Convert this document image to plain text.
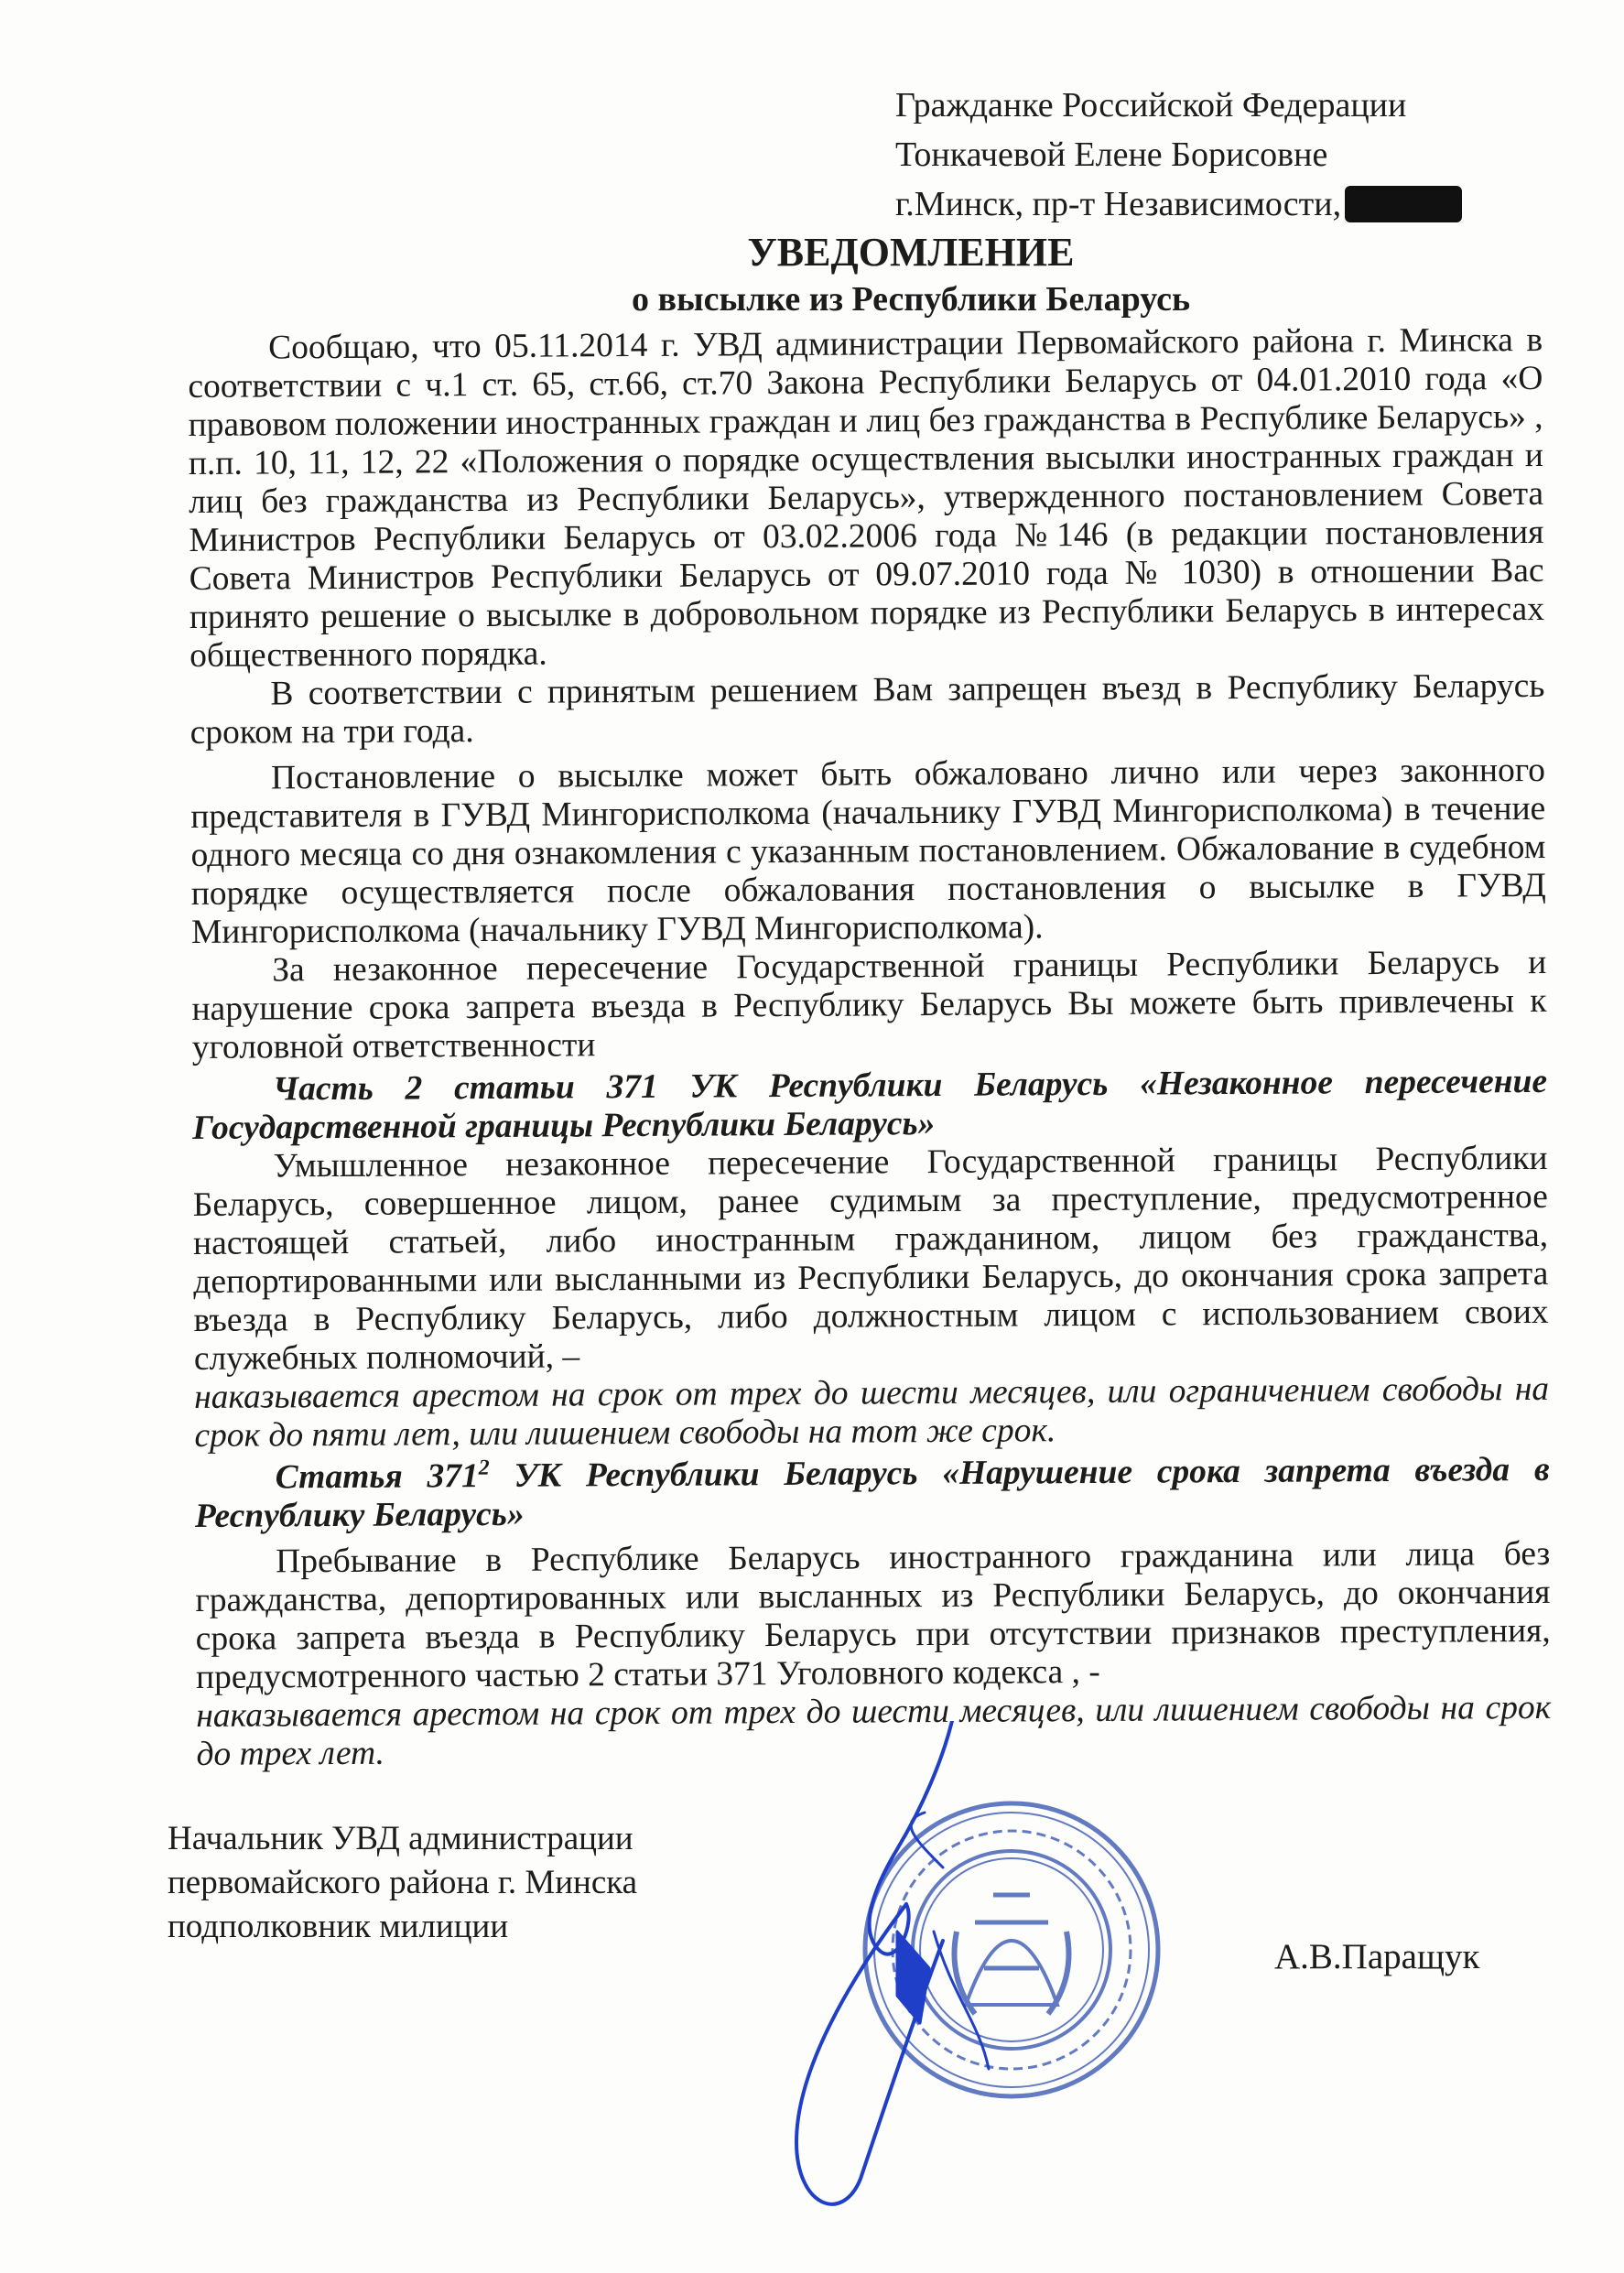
Гражданке Российской Федерации
Тонкачевой Елене Борисовне
г.Минск, пр-т Независимости,
УВЕДОМЛЕНИЕ
о высылке из Республики Беларусь

Сообщаю, что 05.11.2014 г. УВД администрации Первомайского района г. Минска в соответствии с ч.1 ст. 65, ст.66, ст.70 Закона Республики Беларусь от 04.01.2010 года «О правовом положении иностранных граждан и лиц без гражданства в Республике Беларусь» , п.п. 10, 11, 12, 22 «Положения о порядке осуществления высылки иностранных граждан и лиц без гражданства из Республики Беларусь», утвержденного постановлением Совета Министров Республики Беларусь от 03.02.2006 года №146 (в редакции постановления Совета Министров Республики Беларусь от 09.07.2010 года № 1030) в отношении Вас принято решение о высылке в добровольном порядке из Республики Беларусь в интересах общественного порядка.

В соответствии с принятым решением Вам запрещен въезд в Республику Беларусь сроком на три года.

Постановление о высылке может быть обжаловано лично или через законного представителя в ГУВД Мингорисполкома (начальнику ГУВД Мингорисполкома) в течение одного месяца со дня ознакомления с указанным постановлением. Обжалование в судебном порядке осуществляется после обжалования постановления о высылке в ГУВД Мингорисполкома (начальнику ГУВД Мингорисполкома).

За незаконное пересечение Государственной границы Республики Беларусь и нарушение срока запрета въезда в Республику Беларусь Вы можете быть привлечены к уголовной ответственности

Часть 2 статьи 371 УК Республики Беларусь «Незаконное пересечение Государственной границы Республики Беларусь»

Умышленное незаконное пересечение Государственной границы Республики Беларусь, совершенное лицом, ранее судимым за преступление, предусмотренное настоящей статьей, либо иностранным гражданином, лицом без гражданства, депортированными или высланными из Республики Беларусь, до окончания срока запрета въезда в Республику Беларусь, либо должностным лицом с использованием своих служебных полномочий, –

наказывается арестом на срок от трех до шести месяцев, или ограничением свободы на срок до пяти лет, или лишением свободы на тот же срок.

Статья $371^2$ УК Республики Беларусь «Нарушение срока запрета въезда в Республику Беларусь»

Пребывание в Республике Беларусь иностранного гражданина или лица без гражданства, депортированных или высланных из Республики Беларусь, до окончания срока запрета въезда в Республику Беларусь при отсутствии признаков преступления, предусмотренного частью 2 статьи 371 Уголовного кодекса , -

наказывается арестом на срок от трех до шести месяцев, или лишением свободы на срок до трех лет.

Начальник УВД администрации
первомайского района г. Минска
подполковник милиции
А.В.Паращук
